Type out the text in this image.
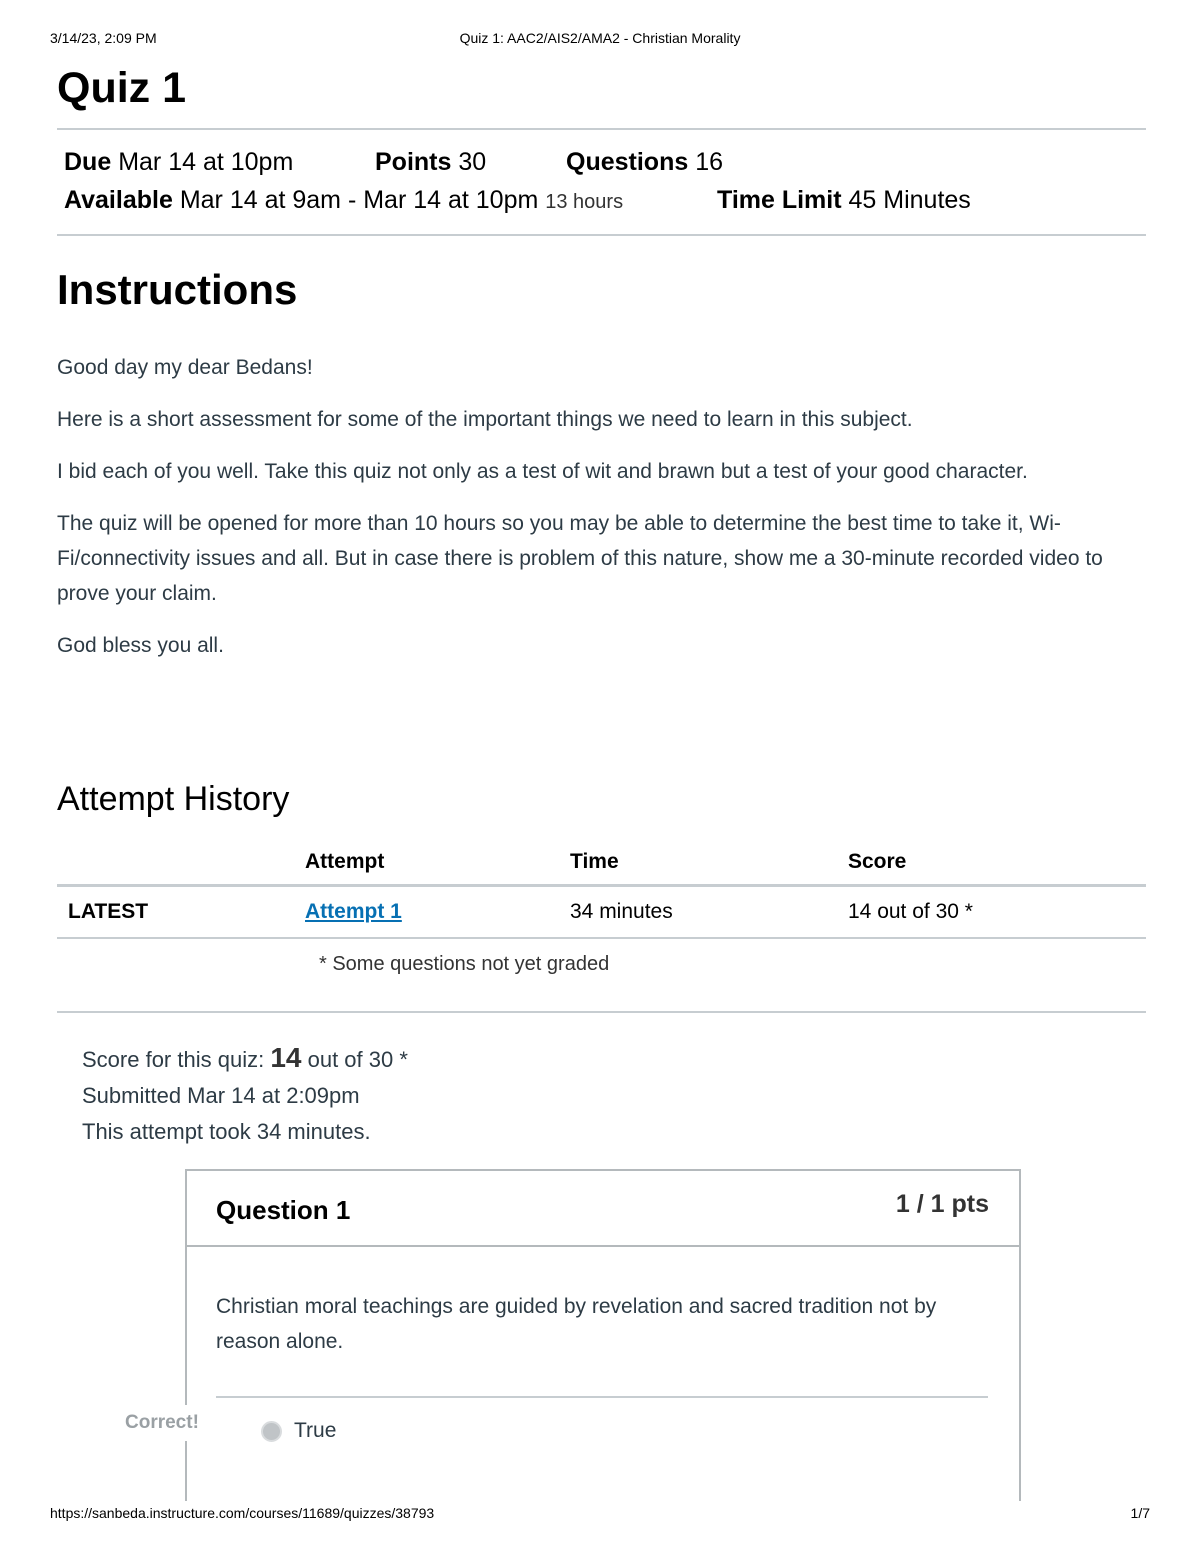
3/14/23, 2:09 PM	Quiz 1: AAC2/AIS2/AMA2 - Christian Morality
Quiz 1
Due Mar 14 at 10pm	Points 30	Questions 16
Available Mar 14 at 9am - Mar 14 at 10pm 13 hours	Time Limit 45 Minutes
Instructions

Good day my dear Bedans!

Here is a short assessment for some of the important things we need to learn in this subject.

I bid each of you well. Take this quiz not only as a test of wit and brawn but a test of your good character.

The quiz will be opened for more than 10 hours so you may be able to determine the best time to take it, Wi-Fi/connectivity issues and all. But in case there is problem of this nature, show me a 30-minute recorded video to prove your claim.

God bless you all.

Attempt History
	Attempt	Time	Score
LATEST	Attempt 1	34 minutes	14 out of 30 *
* Some questions not yet graded
Score for this quiz: 14 out of 30 *
Submitted Mar 14 at 2:09pm
This attempt took 34 minutes.
Correct!
Question 1	1 / 1 pts
Christian moral teachings are guided by revelation and sacred tradition not by reason alone.
True
https://sanbeda.instructure.com/courses/11689/quizzes/38793	1/7
